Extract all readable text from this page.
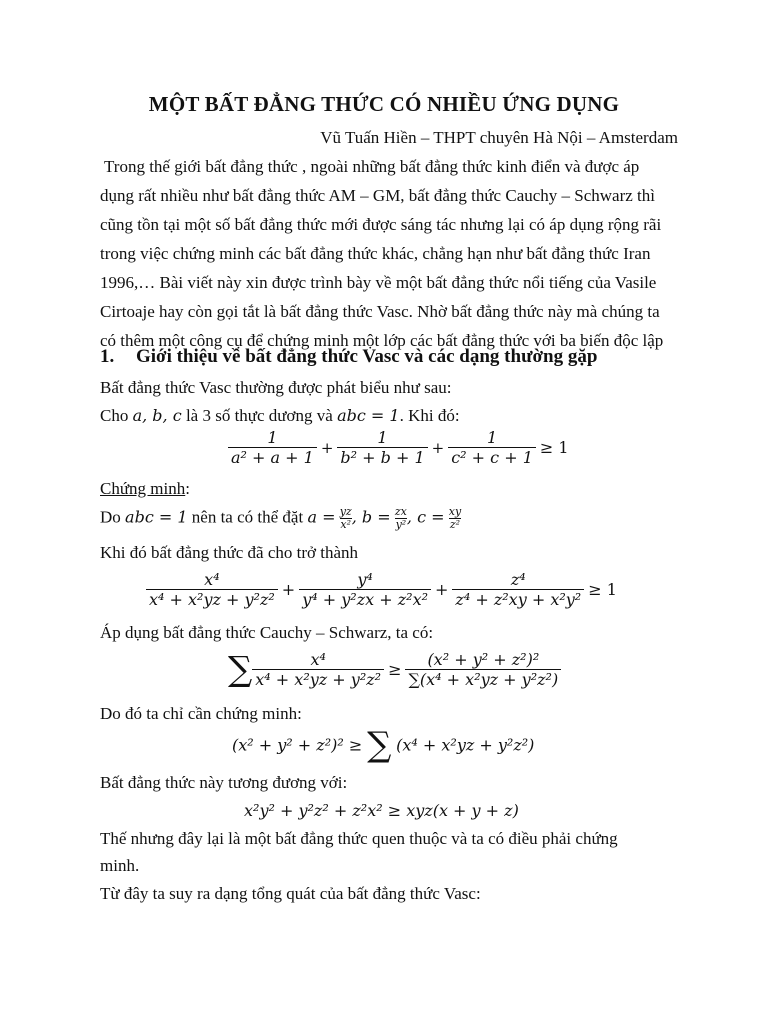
MỘT BẤT ĐẲNG THỨC CÓ NHIỀU ỨNG DỤNG
Vũ Tuấn Hiền – THPT chuyên Hà Nội – Amsterdam
Trong thế giới bất đẳng thức , ngoài những bất đẳng thức kinh điển và được áp
dụng rất nhiều như bất đẳng thức AM – GM, bất đẳng thức Cauchy – Schwarz thì
cũng tồn tại một số bất đẳng thức mới được sáng tác nhưng lại có áp dụng rộng rãi
trong việc chứng minh các bất đẳng thức khác, chẳng hạn như bất đẳng thức Iran
1996,… Bài viết này xin được trình bày về một bất đẳng thức nổi tiếng của Vasile
Cirtoaje hay còn gọi tắt là bất đẳng thức Vasc. Nhờ bất đẳng thức này mà chúng ta
có thêm một công cụ để chứng minh một lớp các bất đẳng thức với ba biến độc lập
1. Giới thiệu về bất đẳng thức Vasc và các dạng thường gặp
Bất đẳng thức Vasc thường được phát biểu như sau:
Cho a, b, c là 3 số thực dương và abc = 1. Khi đó:
$\frac{1}{\text{a² + a + 1}} + \frac{1}{\text{b² + b + 1}} + \frac{1}{\text{c² + c + 1}} \ge 1$
Chứng minh:
Do abc = 1 nên ta có thể đặt $a = \frac{yz}{\text{x²}}$ , $b = \frac{zx}{\text{y²}}$ , $c = \frac{xy}{\text{z²}}$
Khi đó bất đẳng thức đã cho trở thành
$\frac{\text{x⁴}}{\text{x⁴ + x²yz + y²z²}} + \frac{\text{y⁴}}{\text{y⁴ + y²zx + z²x²}} + \frac{\text{z⁴}}{\text{z⁴ + z²xy + x²y²}} \ge 1$
Áp dụng bất đẳng thức Cauchy – Schwarz, ta có:
∑ $\frac{\text{x⁴}}{\text{x⁴ + x²yz + y²z²}} \ge \frac{\text{(x² + y² + z²)²}}{\text{∑(x⁴ + x²yz + y²z²)}}$
Do đó ta chỉ cần chứng minh:
(x² + y² + z²)² ≥ ∑ (x⁴ + x²yz + y²z²)
Bất đẳng thức này tương đương với:
x²y² + y²z² + z²x² ≥ xyz(x + y + z)
Thế nhưng đây lại là một bất đẳng thức quen thuộc và ta có điều phải chứng
minh.
Từ đây ta suy ra dạng tổng quát của bất đẳng thức Vasc:
